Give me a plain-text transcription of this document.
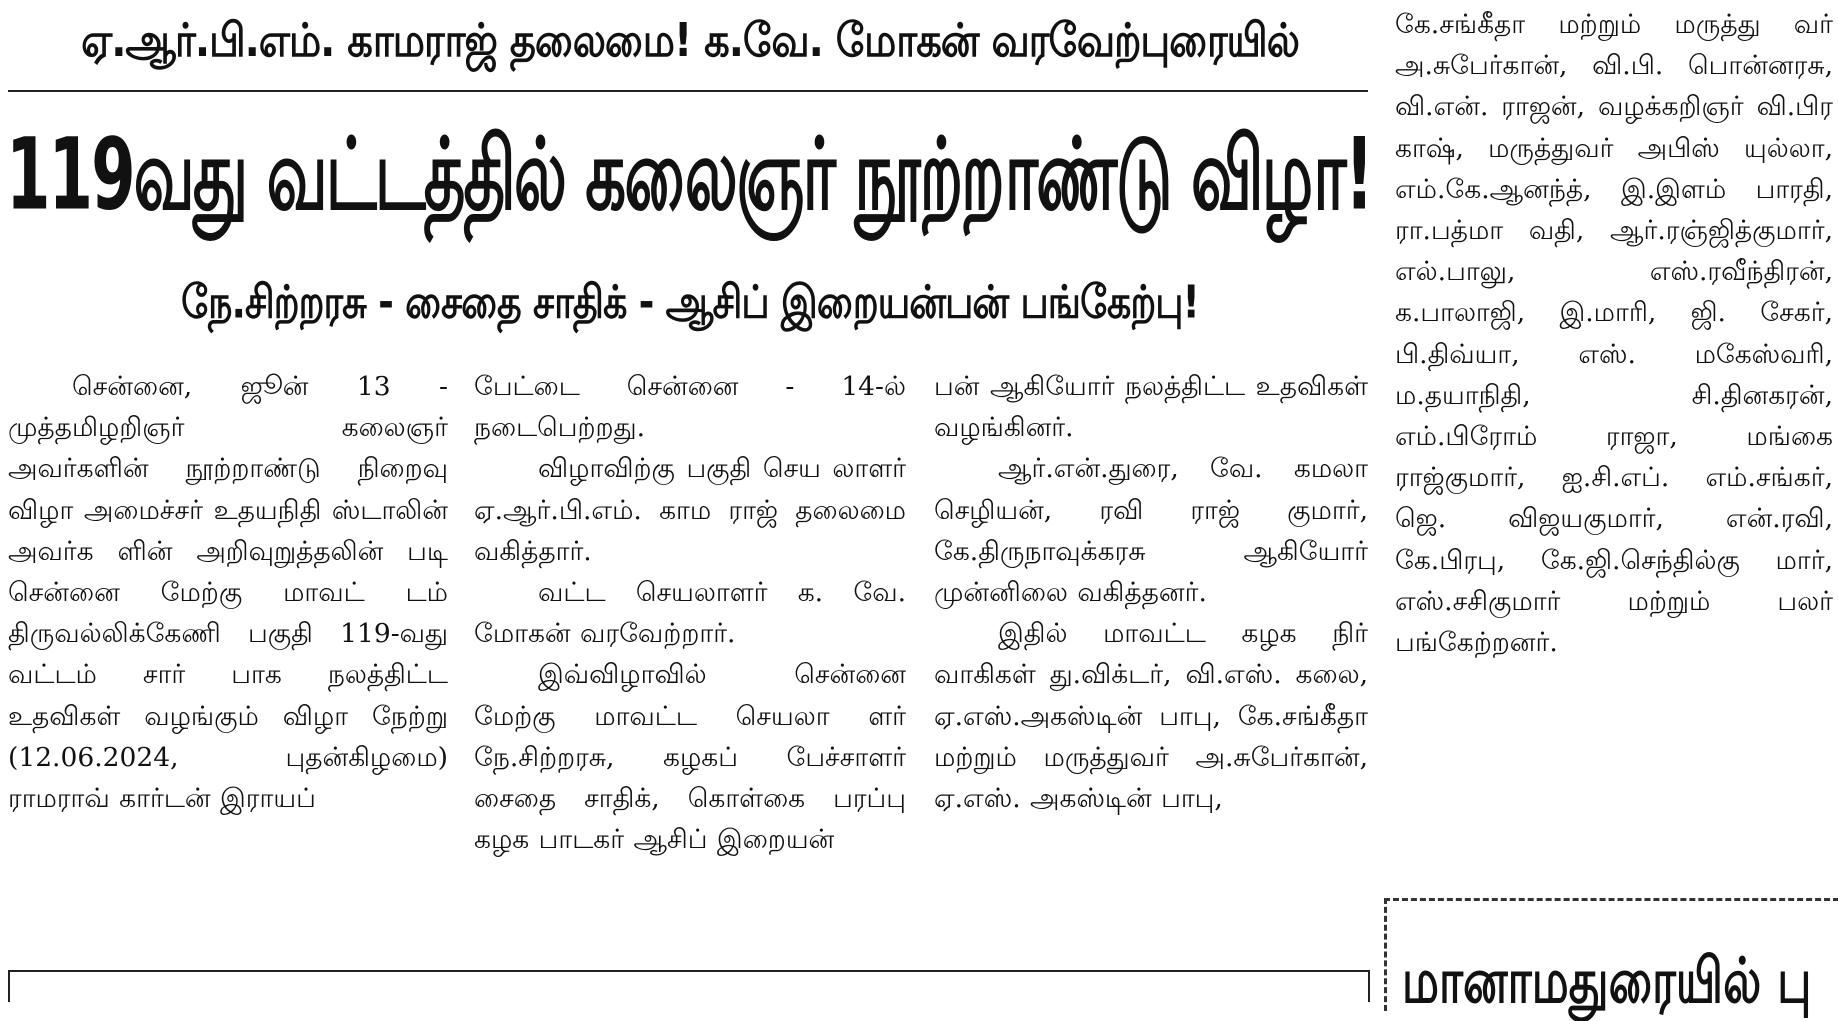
ஏ.ஆர்.பி.எம். காமராஜ் தலைமை! க.வே. மோகன் வரவேற்புரையில்
119வது வட்டத்தில் கலைஞர் நூற்றாண்டு விழா!
நே.சிற்றரசு - சைதை சாதிக் - ஆசிப் இறையன்பன் பங்கேற்பு!

சென்னை, ஜூன் 13 - முத்தமிழறிஞர் கலைஞர் அவர்களின் நூற்றாண்டு நிறைவு விழா அமைச்சர் உதயநிதி ஸ்டாலின் அவர்க ளின் அறிவுறுத்தலின் படி சென்னை மேற்கு மாவட் டம் திருவல்லிக்கேணி பகுதி 119-வது வட்டம் சார் பாக நலத்திட்ட உதவிகள் வழங்கும் விழா நேற்று (12.06.2024, புதன்கிழமை) ராமராவ் கார்டன் இராயப்

பேட்டை சென்னை - 14-ல் நடைபெற்றது.

விழாவிற்கு பகுதி செய லாளர் ஏ.ஆர்.பி.எம். காம ராஜ் தலைமை வகித்தார்.

வட்ட செயலாளர் க. வே. மோகன் வரவேற்றார்.

இவ்விழாவில் சென்னை மேற்கு மாவட்ட செயலா ளர் நே.சிற்றரசு, கழகப் பேச்சாளர் சைதை சாதிக், கொள்கை பரப்பு கழக பாடகர் ஆசிப் இறையன்

பன் ஆகியோர் நலத்திட்ட உதவிகள் வழங்கினர்.

ஆர்.என்.துரை, வே. கமலா செழியன், ரவி ராஜ் குமார், கே.திருநாவுக்கரசு ஆகியோர் முன்னிலை வகித்தனர்.

இதில் மாவட்ட கழக நிர் வாகிகள் து.விக்டர், வி.எஸ். கலை, ஏ.எஸ்.அகஸ்டின் பாபு, கே.சங்கீதா மற்றும் மருத்துவர் அ.சுபேர்கான், ஏ.எஸ். அகஸ்டின் பாபு,

கே.சங்கீதா மற்றும் மருத்து வர் அ.சுபேர்கான், வி.பி. பொன்னரசு, வி.என். ராஜன், வழக்கறிஞர் வி.பிர காஷ், மருத்துவர் அபிஸ் யுல்லா, எம்.கே.ஆனந்த், இ.இளம் பாரதி, ரா.பத்மா வதி, ஆர்.ரஞ்ஜித்குமார், எல்.பாலு, எஸ்.ரவீந்திரன், க.பாலாஜி, இ.மாரி, ஜி. சேகர், பி.திவ்யா, எஸ். மகேஸ்வரி, ம.தயாநிதி, சி.தினகரன், எம்.பிரோம் ராஜா, மங்கை ராஜ்குமார், ஐ.சி.எப். எம்.சங்கர், ஜெ. விஜயகுமார், என்.ரவி, கே.பிரபு, கே.ஜி.செந்தில்கு மார், எஸ்.சசிகுமார் மற்றும் பலர் பங்கேற்றனர்.

மானாமதுரையில் பு
